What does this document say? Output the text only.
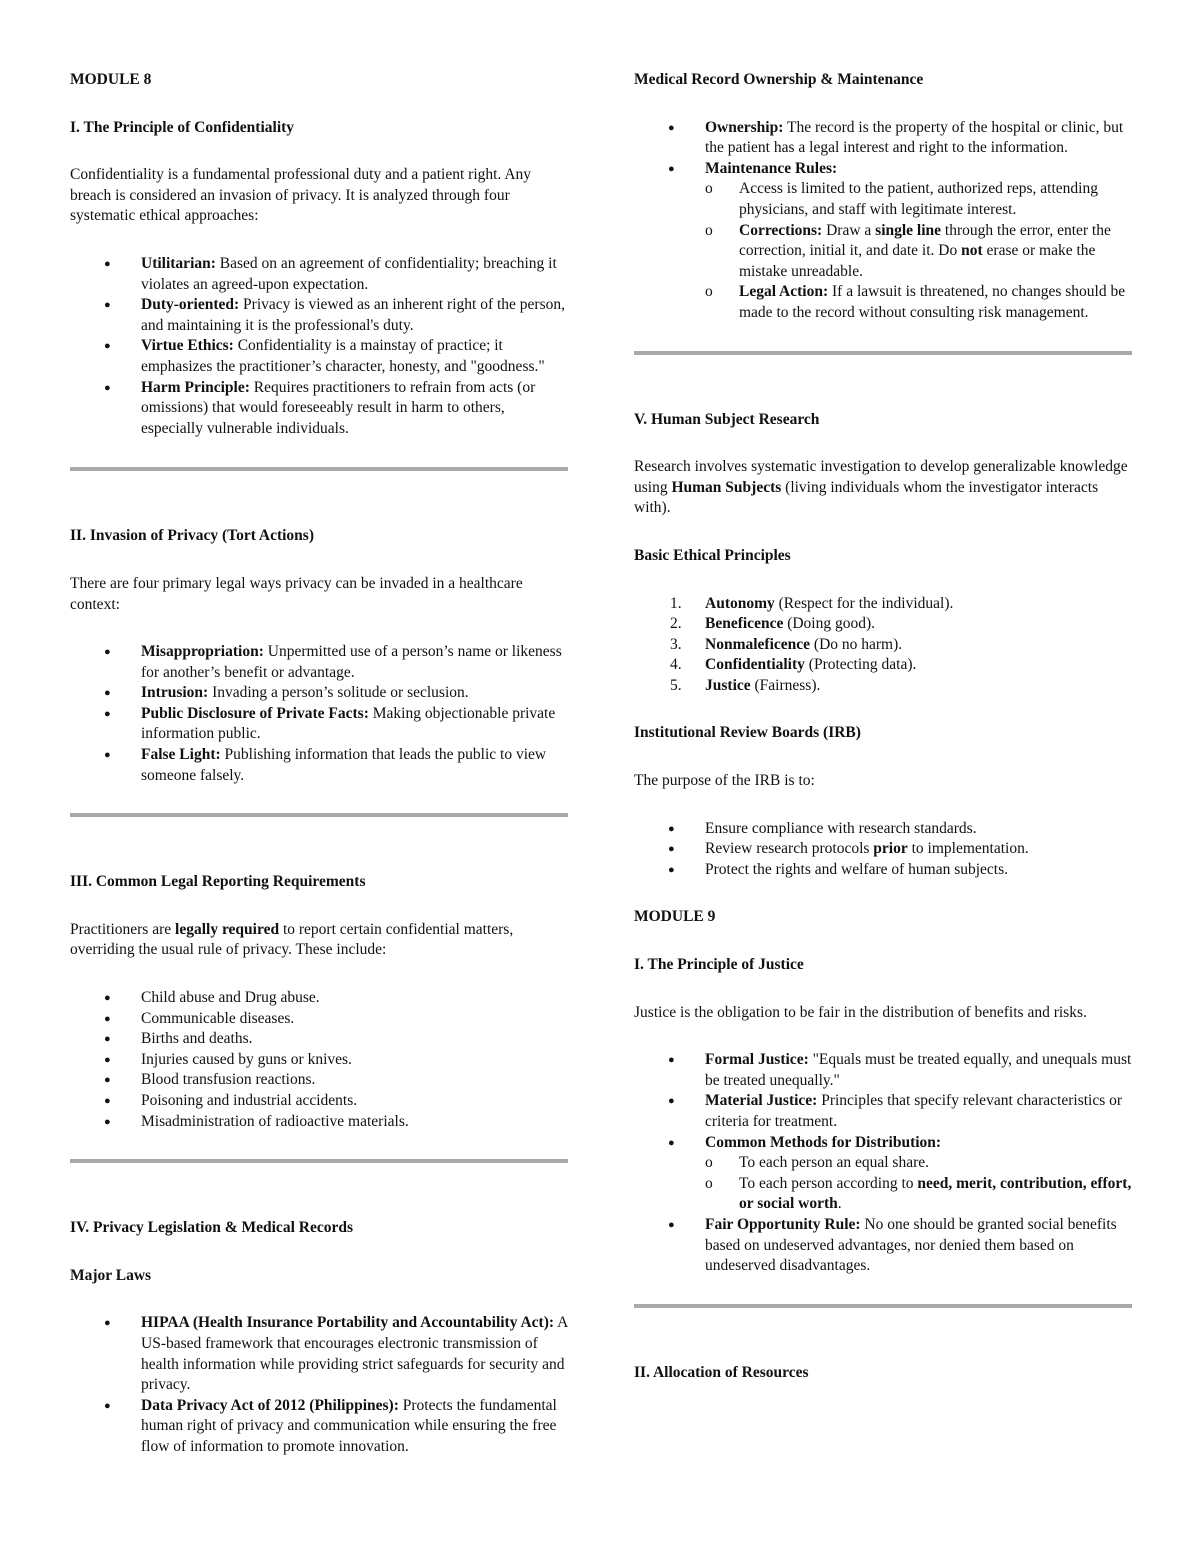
MODULE 8

I. The Principle of Confidentiality

Confidentiality is a fundamental professional duty and a patient right. Any breach is considered an invasion of privacy. It is analyzed through four systematic ethical approaches:

● Utilitarian: Based on an agreement of confidentiality; breaching it violates an agreed-upon expectation.
● Duty-oriented: Privacy is viewed as an inherent right of the person, and maintaining it is the professional's duty.
● Virtue Ethics: Confidentiality is a mainstay of practice; it emphasizes the practitioner’s character, honesty, and "goodness."
● Harm Principle: Requires practitioners to refrain from acts (or omissions) that would foreseeably result in harm to others, especially vulnerable individuals.

II. Invasion of Privacy (Tort Actions)

There are four primary legal ways privacy can be invaded in a healthcare context:

● Misappropriation: Unpermitted use of a person’s name or likeness for another’s benefit or advantage.
● Intrusion: Invading a person’s solitude or seclusion.
● Public Disclosure of Private Facts: Making objectionable private information public.
● False Light: Publishing information that leads the public to view someone falsely.

III. Common Legal Reporting Requirements

Practitioners are legally required to report certain confidential matters, overriding the usual rule of privacy. These include:

● Child abuse and Drug abuse.
● Communicable diseases.
● Births and deaths.
● Injuries caused by guns or knives.
● Blood transfusion reactions.
● Poisoning and industrial accidents.
● Misadministration of radioactive materials.

IV. Privacy Legislation & Medical Records

Major Laws

● HIPAA (Health Insurance Portability and Accountability Act): A US-based framework that encourages electronic transmission of health information while providing strict safeguards for security and privacy.
● Data Privacy Act of 2012 (Philippines): Protects the fundamental human right of privacy and communication while ensuring the free flow of information to promote innovation.

Medical Record Ownership & Maintenance

● Ownership: The record is the property of the hospital or clinic, but the patient has a legal interest and right to the information.
● Maintenance Rules:
o Access is limited to the patient, authorized reps, attending physicians, and staff with legitimate interest.
o Corrections: Draw a single line through the error, enter the correction, initial it, and date it. Do not erase or make the mistake unreadable.
o Legal Action: If a lawsuit is threatened, no changes should be made to the record without consulting risk management.

V. Human Subject Research

Research involves systematic investigation to develop generalizable knowledge using Human Subjects (living individuals whom the investigator interacts with).

Basic Ethical Principles

1. Autonomy (Respect for the individual).
2. Beneficence (Doing good).
3. Nonmaleficence (Do no harm).
4. Confidentiality (Protecting data).
5. Justice (Fairness).

Institutional Review Boards (IRB)

The purpose of the IRB is to:

● Ensure compliance with research standards.
● Review research protocols prior to implementation.
● Protect the rights and welfare of human subjects.

MODULE 9

I. The Principle of Justice

Justice is the obligation to be fair in the distribution of benefits and risks.

● Formal Justice: "Equals must be treated equally, and unequals must be treated unequally."
● Material Justice: Principles that specify relevant characteristics or criteria for treatment.
● Common Methods for Distribution:
o To each person an equal share.
o To each person according to need, merit, contribution, effort, or social worth.
● Fair Opportunity Rule: No one should be granted social benefits based on undeserved advantages, nor denied them based on undeserved disadvantages.

II. Allocation of Resources
